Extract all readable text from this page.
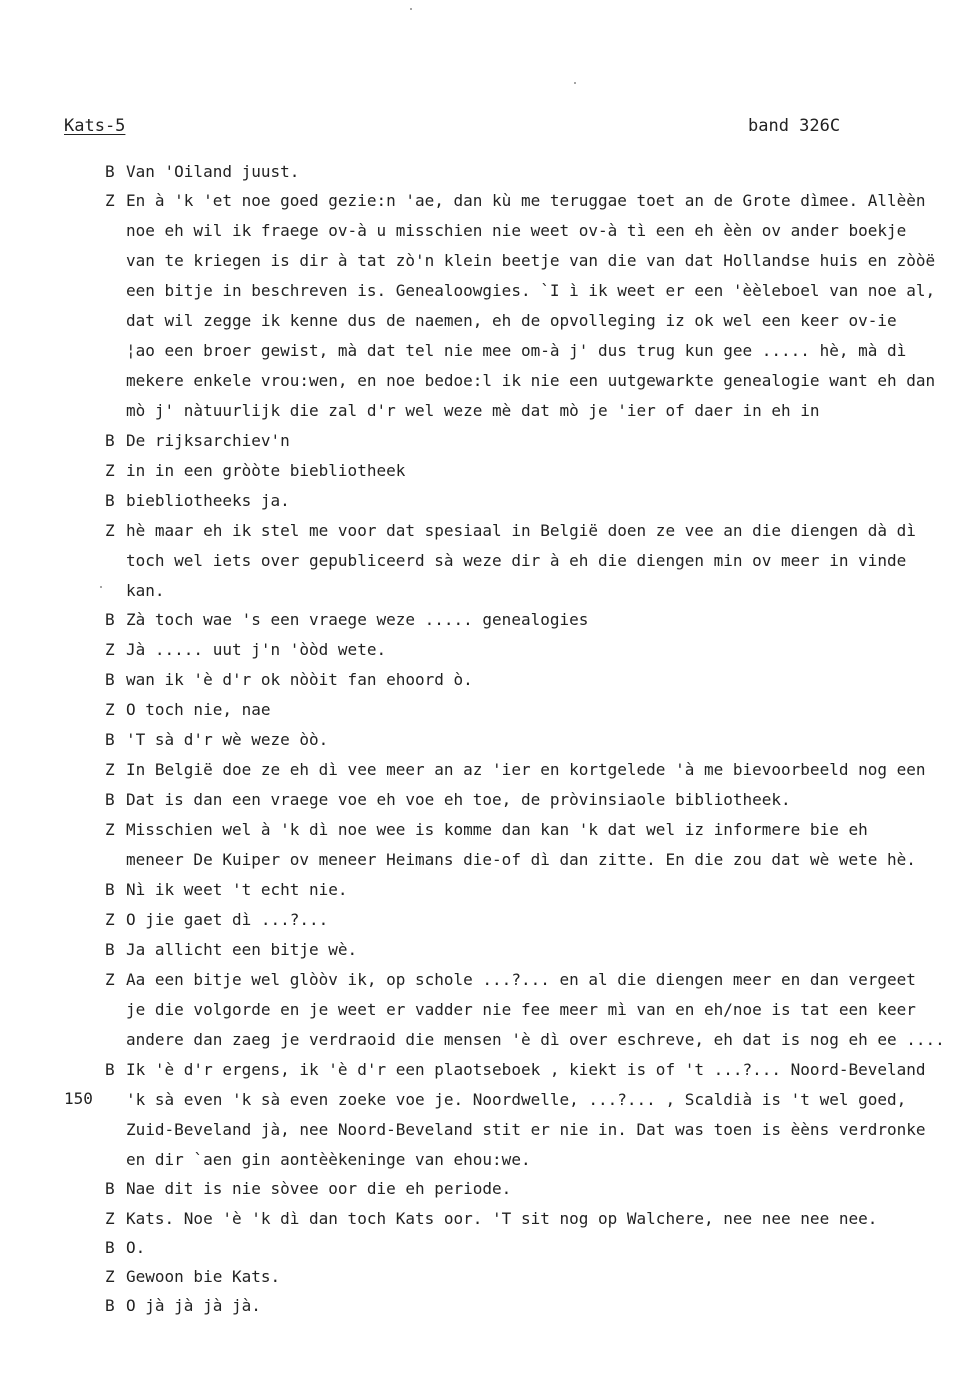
Kats-5	band 326C
150
B Van 'Oiland juust.
Z En à 'k 'et noe goed gezie:n 'ae, dan kù me teruggae toet an de Grote dìmee. Allèèn
noe eh wil ik fraege ov-à u misschien nie weet ov-à tì een eh èèn ov ander boekje
van te kriegen is dir à tat zò'n klein beetje van die van dat Hollandse huis en zòòë
een bitje in beschreven is. Genealoowgies. `I ì ik weet er een 'èèleboel van noe al,
dat wil zegge ik kenne dus de naemen, eh de opvolleging iz ok wel een keer ov-ie
¦ao een broer gewist, mà dat tel nie mee om-à j' dus trug kun gee ..... hè, mà dì
mekere enkele vrou:wen, en noe bedoe:l ik nie een uutgewarkte genealogie want eh dan
mò j' nàtuurlijk die zal d'r wel weze mè dat mò je 'ier of daer in eh in
B De rijksarchiev'n
Z in in een gròòte biebliotheek
B biebliotheeks ja.
Z hè maar eh ik stel me voor dat spesiaal in België doen ze vee an die diengen dà dì
toch wel iets over gepubliceerd sà weze dir à eh die diengen min ov meer in vinde
kan.
B Zà toch wae 's een vraege weze ..... genealogies
Z Jà ..... uut j'n 'òòd wete.
B wan ik 'è d'r ok nòòit fan ehoord ò.
Z O toch nie, nae
B 'T sà d'r wè weze òò.
Z In België doe ze eh dì vee meer an az 'ier en kortgelede 'à me bievoorbeeld nog een
B Dat is dan een vraege voe eh voe eh toe, de pròvinsiaole bibliotheek.
Z Misschien wel à 'k dì noe wee is komme dan kan 'k dat wel iz informere bie eh
meneer De Kuiper ov meneer Heimans die-of dì dan zitte. En die zou dat wè wete hè.
B Nì ik weet 't echt nie.
Z O jie gaet dì ...?...
B Ja allicht een bitje wè.
Z Aa een bitje wel glòòv ik, op schole ...?... en al die diengen meer en dan vergeet
je die volgorde en je weet er vadder nie fee meer mì van en eh/noe is tat een keer
andere dan zaeg je verdraoid die mensen 'è dì over eschreve, eh dat is nog eh ee ....
B Ik 'è d'r ergens, ik 'è d'r een plaotseboek , kiekt is of 't ...?... Noord-Beveland
'k sà even 'k sà even zoeke voe je. Noordwelle, ...?... , Scaldià is 't wel goed,
Zuid-Beveland jà, nee Noord-Beveland stit er nie in. Dat was toen is èèns verdronke
en dir `aen gin aontèèkeninge van ehou:we.
B Nae dit is nie sòvee oor die eh periode.
Z Kats. Noe 'è 'k dì dan toch Kats oor. 'T sit nog op Walchere, nee nee nee nee.
B O.
Z Gewoon bie Kats.
B O jà jà jà jà.
